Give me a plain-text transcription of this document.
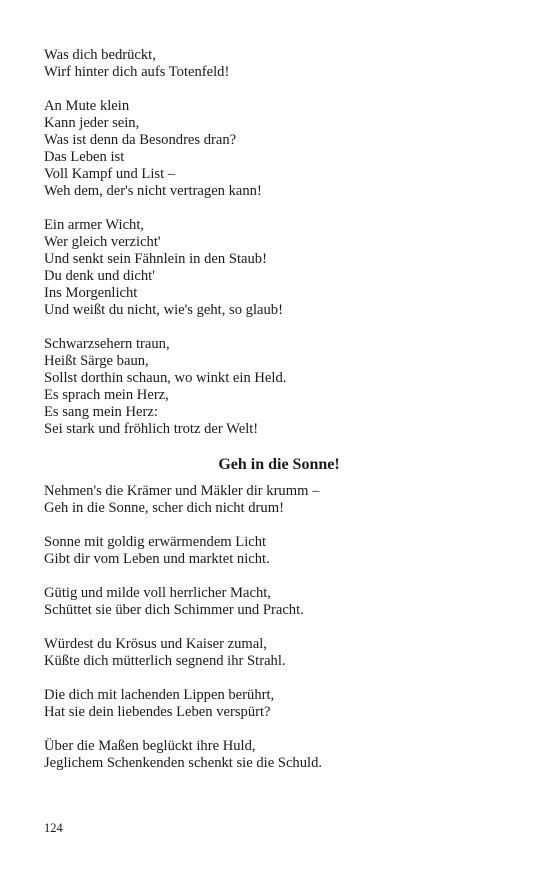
Was dich bedrückt,
Wirf hinter dich aufs Totenfeld!
An Mute klein
Kann jeder sein,
Was ist denn da Besondres dran?
Das Leben ist
Voll Kampf und List –
Weh dem, der's nicht vertragen kann!
Ein armer Wicht,
Wer gleich verzicht'
Und senkt sein Fähnlein in den Staub!
Du denk und dicht'
Ins Morgenlicht
Und weißt du nicht, wie's geht, so glaub!
Schwarzsehern traun,
Heißt Särge baun,
Sollst dorthin schaun, wo winkt ein Held.
Es sprach mein Herz,
Es sang mein Herz:
Sei stark und fröhlich trotz der Welt!
Geh in die Sonne!
Nehmen's die Krämer und Mäkler dir krumm –
Geh in die Sonne, scher dich nicht drum!
Sonne mit goldig erwärmendem Licht
Gibt dir vom Leben und marktet nicht.
Gütig und milde voll herrlicher Macht,
Schüttet sie über dich Schimmer und Pracht.
Würdest du Krösus und Kaiser zumal,
Küßte dich mütterlich segnend ihr Strahl.
Die dich mit lachenden Lippen berührt,
Hat sie dein liebendes Leben verspürt?
Über die Maßen beglückt ihre Huld,
Jeglichem Schenkenden schenkt sie die Schuld.
124
